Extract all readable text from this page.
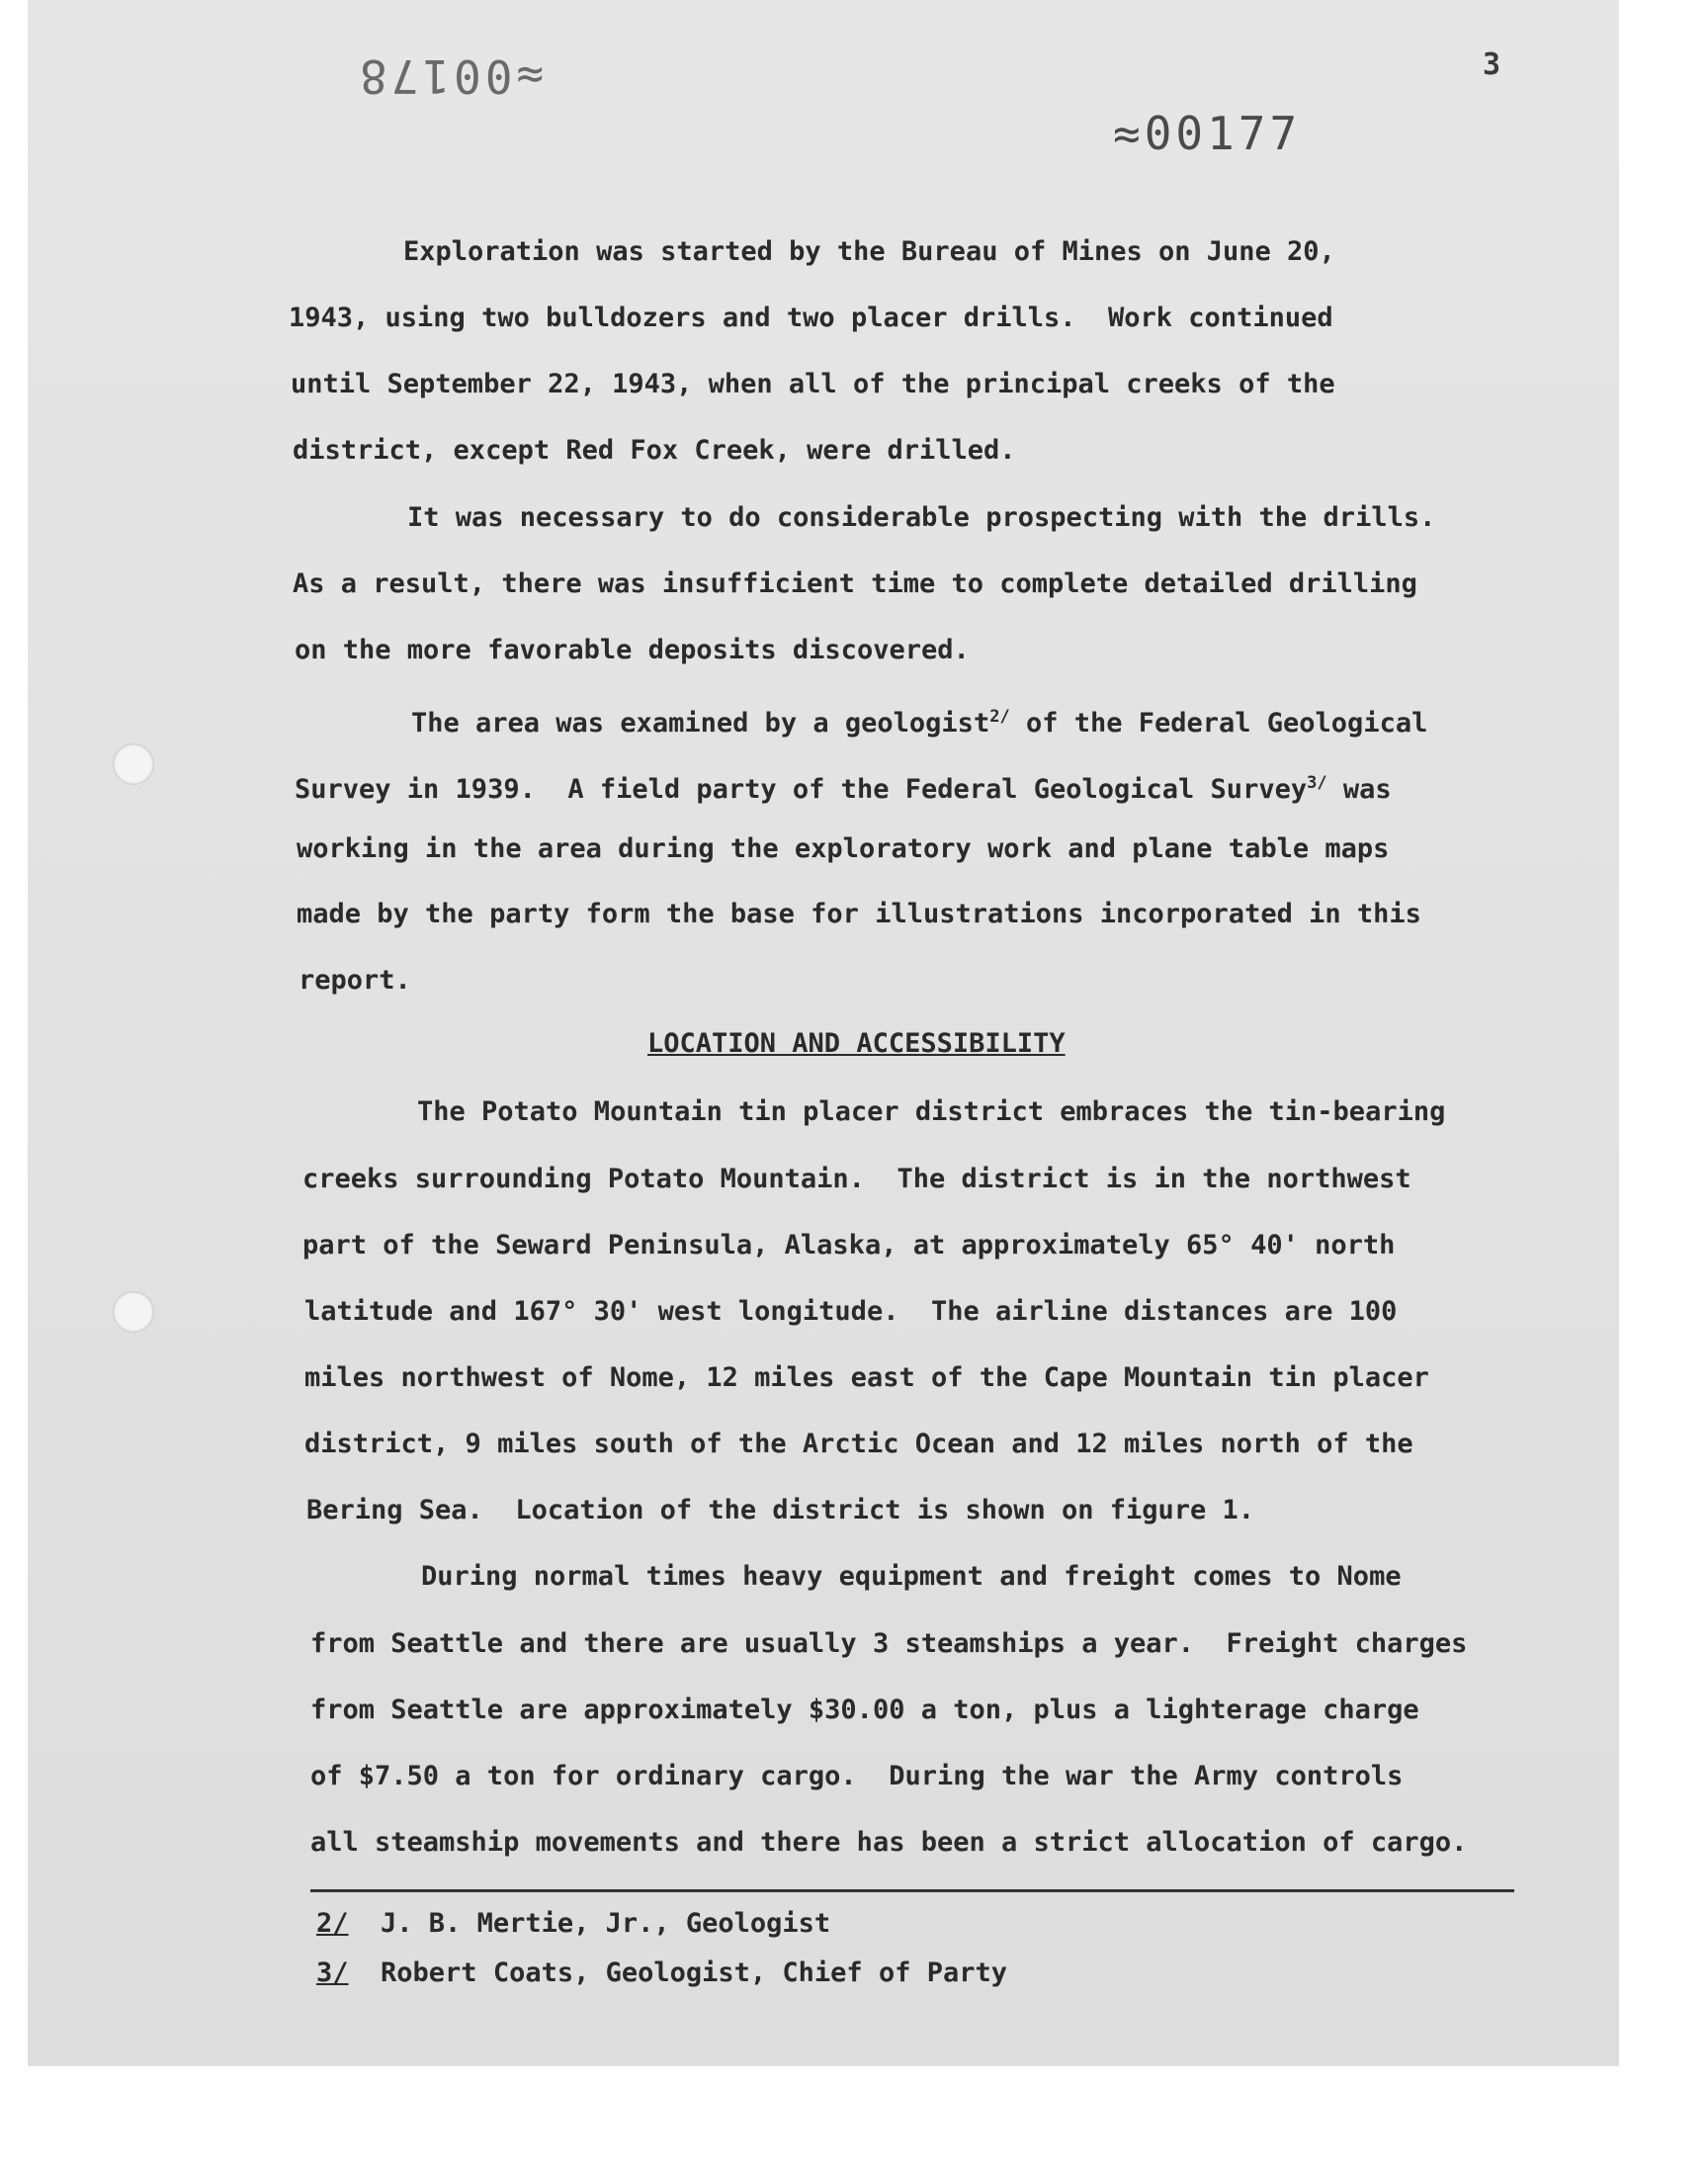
≈00178
≈00177
3
Exploration was started by the Bureau of Mines on June 20,
1943, using two bulldozers and two placer drills.  Work continued
until September 22, 1943, when all of the principal creeks of the
district, except Red Fox Creek, were drilled.
It was necessary to do considerable prospecting with the drills.
As a result, there was insufficient time to complete detailed drilling
on the more favorable deposits discovered.
The area was examined by a geologist$^{2/}$ of the Federal Geological
Survey in 1939.  A field party of the Federal Geological Survey$^{3/}$ was
working in the area during the exploratory work and plane table maps
made by the party form the base for illustrations incorporated in this
report.
LOCATION AND ACCESSIBILITY
The Potato Mountain tin placer district embraces the tin-bearing
creeks surrounding Potato Mountain.  The district is in the northwest
part of the Seward Peninsula, Alaska, at approximately 65° 40' north
latitude and 167° 30' west longitude.  The airline distances are 100
miles northwest of Nome, 12 miles east of the Cape Mountain tin placer
district, 9 miles south of the Arctic Ocean and 12 miles north of the
Bering Sea.  Location of the district is shown on figure 1.
During normal times heavy equipment and freight comes to Nome
from Seattle and there are usually 3 steamships a year.  Freight charges
from Seattle are approximately $30.00 a ton, plus a lighterage charge
of $7.50 a ton for ordinary cargo.  During the war the Army controls
all steamship movements and there has been a strict allocation of cargo.
2/ J. B. Mertie, Jr., Geologist
3/ Robert Coats, Geologist, Chief of Party
